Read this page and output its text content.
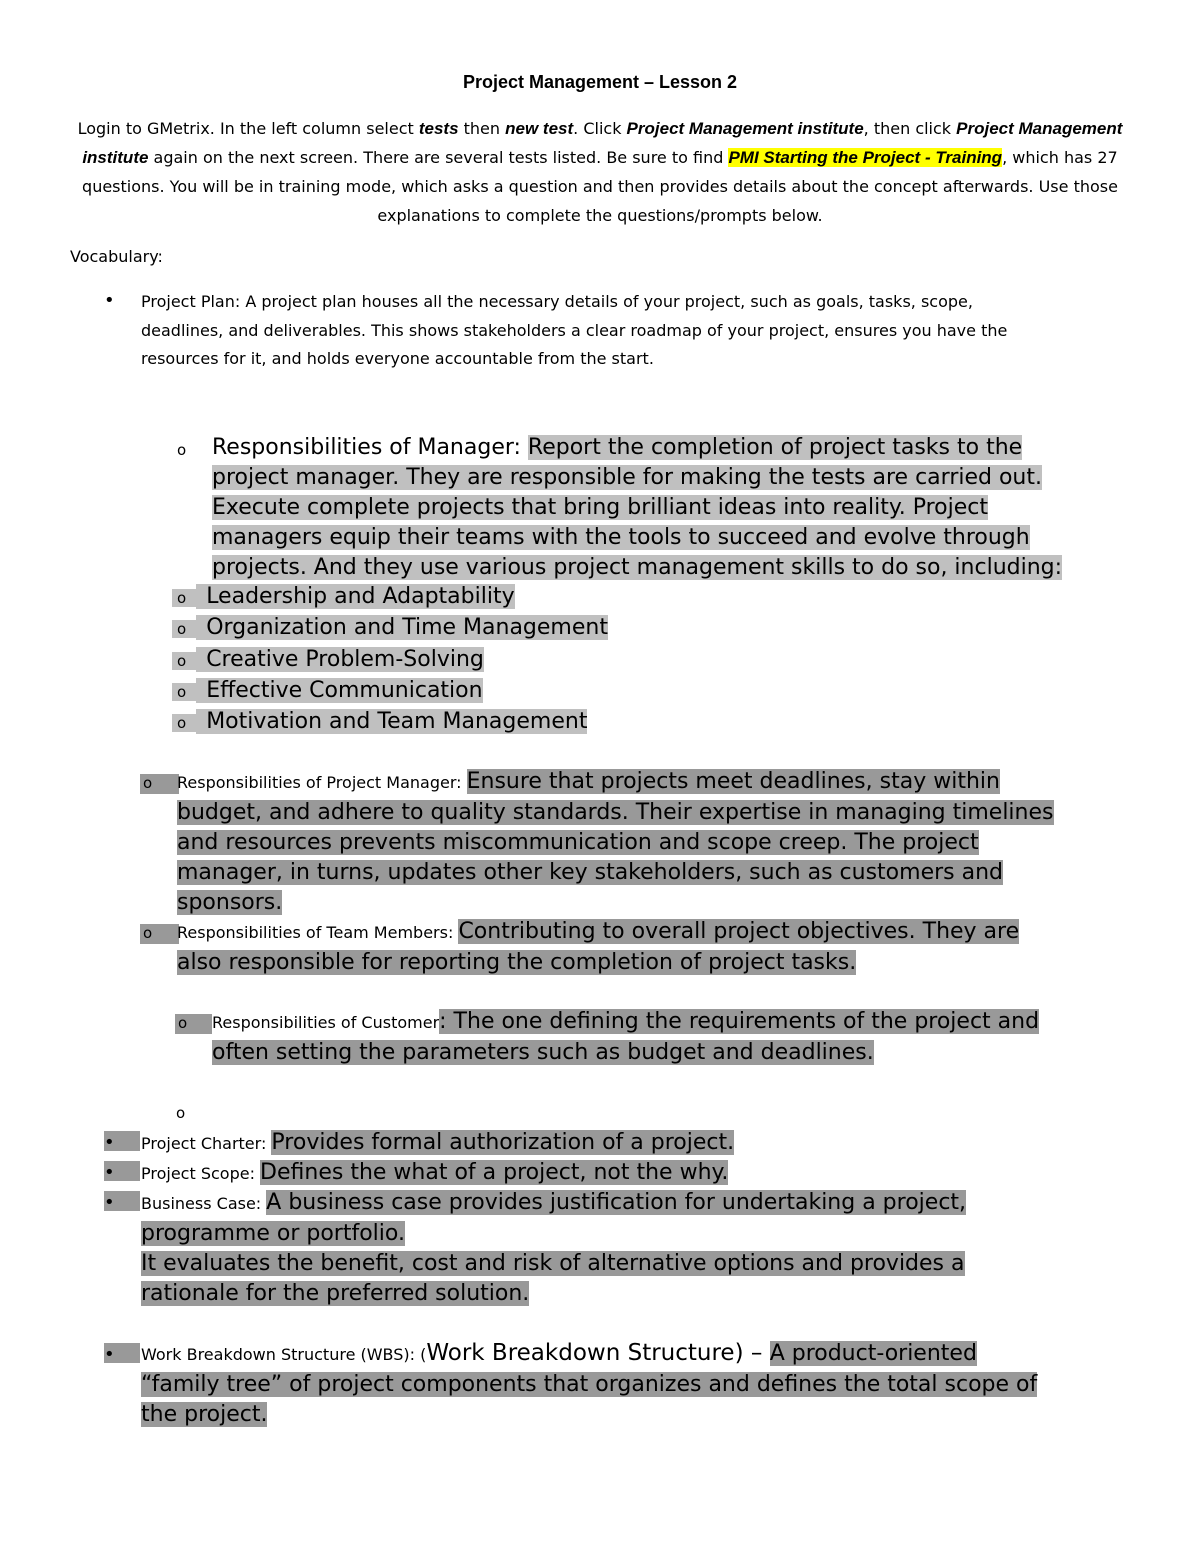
Project Management – Lesson 2
Login to GMetrix. In the left column select tests then new test. Click Project Management institute, then click Project Management institute again on the next screen. There are several tests listed. Be sure to find PMI Starting the Project - Training, which has 27 questions. You will be in training mode, which asks a question and then provides details about the concept afterwards. Use those explanations to complete the questions/prompts below.
Vocabulary:
• Project Plan: A project plan houses all the necessary details of your project, such as goals, tasks, scope,
deadlines, and deliverables. This shows stakeholders a clear roadmap of your project, ensures you have the
resources for it, and holds everyone accountable from the start.
o Responsibilities of Manager: Report the completion of project tasks to the
project manager. They are responsible for making the tests are carried out.
Execute complete projects that bring brilliant ideas into reality. Project
managers equip their teams with the tools to succeed and evolve through
projects. And they use various project management skills to do so, including:
o Leadership and Adaptability
o Organization and Time Management
o Creative Problem-Solving
o Effective Communication
o Motivation and Team Management
o	Responsibilities of Project Manager: Ensure that projects meet deadlines, stay within
budget, and adhere to quality standards. Their expertise in managing timelines
and resources prevents miscommunication and scope creep. The project
manager, in turns, updates other key stakeholders, such as customers and
sponsors.
o	Responsibilities of Team Members: Contributing to overall project objectives. They are
also responsible for reporting the completion of project tasks.
o	Responsibilities of Customer: The one defining the requirements of the project and
often setting the parameters such as budget and deadlines.
o
• Project Charter: Provides formal authorization of a project.
• Project Scope: Defines the what of a project, not the why.
• Business Case: A business case provides justification for undertaking a project,
programme or portfolio.
It evaluates the benefit, cost and risk of alternative options and provides a
rationale for the preferred solution.
• Work Breakdown Structure (WBS): (Work Breakdown Structure) – A product-oriented
“family tree” of project components that organizes and defines the total scope of
the project.
